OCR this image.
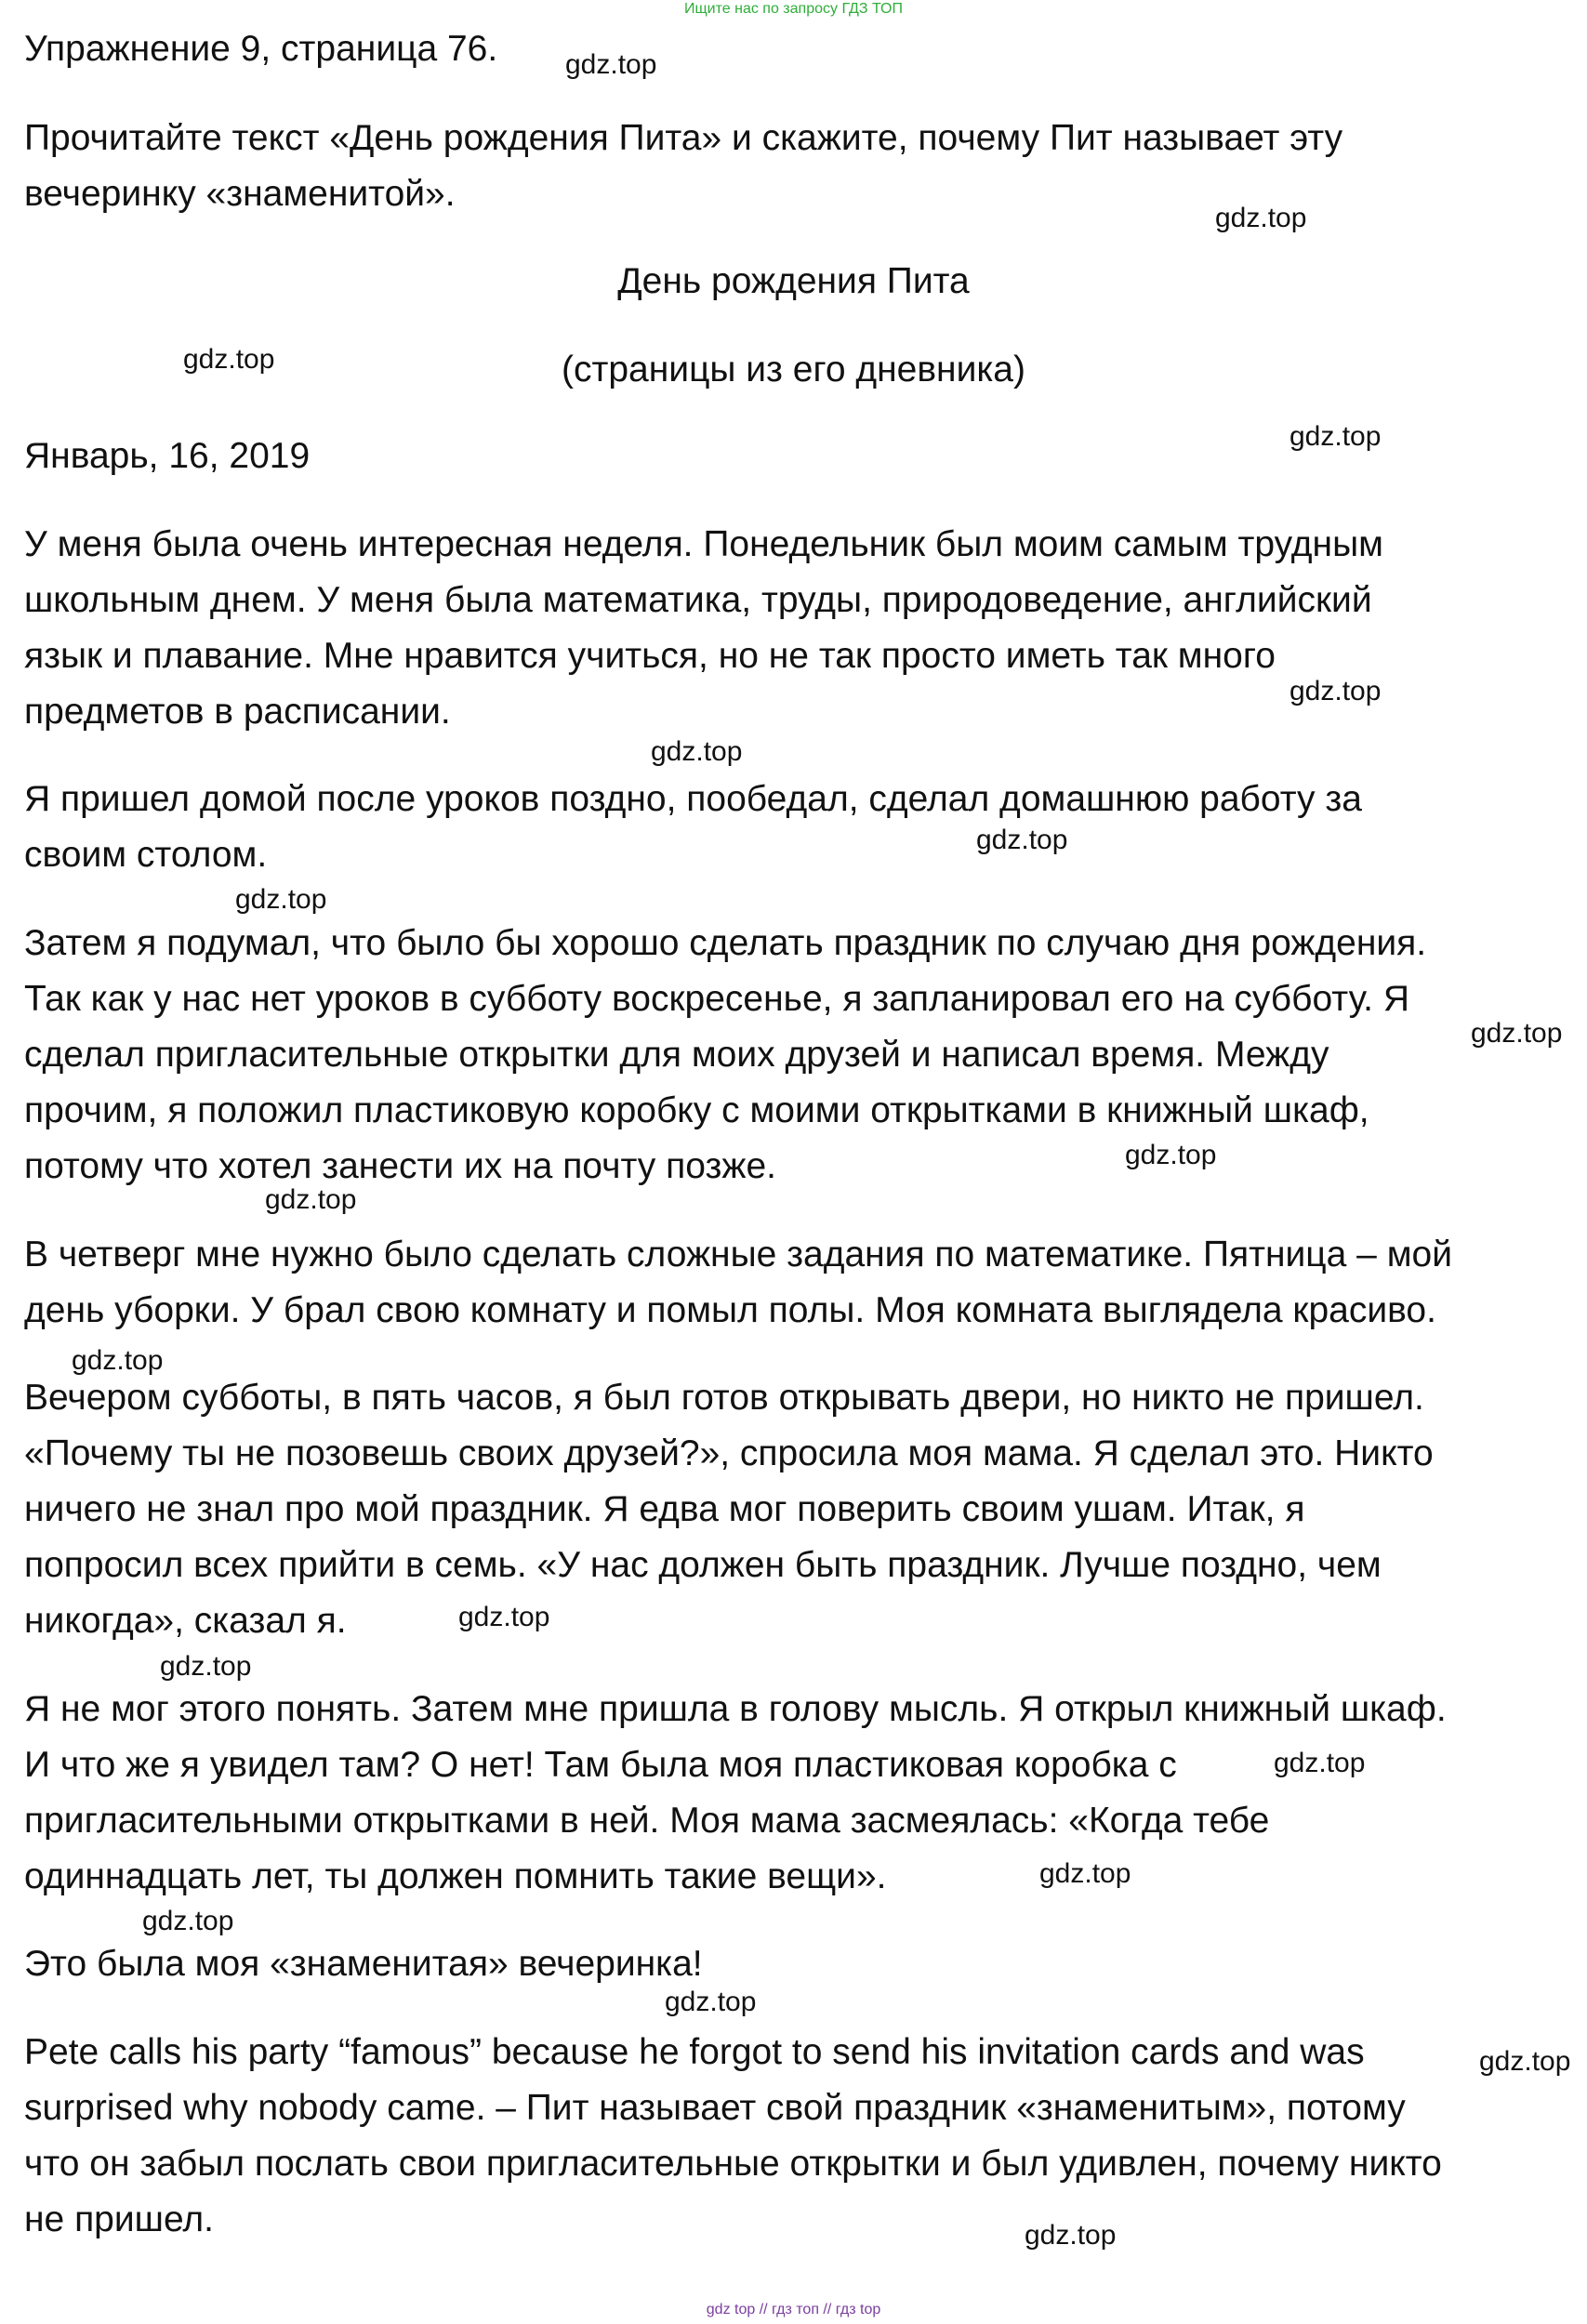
Ищите нас по запросу ГДЗ ТОП
Упражнение 9, страница 76.
Прочитайте текст «День рождения Пита» и скажите, почему Пит называет эту
вечеринку «знаменитой».
День рождения Пита
(страницы из его дневника)
Январь, 16, 2019
У меня была очень интересная неделя. Понедельник был моим самым трудным
школьным днем. У меня была математика, труды, природоведение, английский
язык и плавание. Мне нравится учиться, но не так просто иметь так много
предметов в расписании.
Я пришел домой после уроков поздно, пообедал, сделал домашнюю работу за
своим столом.
Затем я подумал, что было бы хорошо сделать праздник по случаю дня рождения.
Так как у нас нет уроков в субботу воскресенье, я запланировал его на субботу. Я
сделал пригласительные открытки для моих друзей и написал время. Между
прочим, я положил пластиковую коробку с моими открытками в книжный шкаф,
потому что хотел занести их на почту позже.
В четверг мне нужно было сделать сложные задания по математике. Пятница – мой
день уборки. У брал свою комнату и помыл полы. Моя комната выглядела красиво.
Вечером субботы, в пять часов, я был готов открывать двери, но никто не пришел.
«Почему ты не позовешь своих друзей?», спросила моя мама. Я сделал это. Никто
ничего не знал про мой праздник. Я едва мог поверить своим ушам. Итак, я
попросил всех прийти в семь. «У нас должен быть праздник. Лучше поздно, чем
никогда», сказал я.
Я не мог этого понять. Затем мне пришла в голову мысль. Я открыл книжный шкаф.
И что же я увидел там? О нет! Там была моя пластиковая коробка с
пригласительными открытками в ней. Моя мама засмеялась: «Когда тебе
одиннадцать лет, ты должен помнить такие вещи».
Это была моя «знаменитая» вечеринка!
Pete calls his party “famous” because he forgot to send his invitation cards and was
surprised why nobody came. – Пит называет свой праздник «знаменитым», потому
что он забыл послать свои пригласительные открытки и был удивлен, почему никто
не пришел.
gdz.top
gdz.top
gdz.top
gdz.top
gdz.top
gdz.top
gdz.top
gdz.top
gdz.top
gdz.top
gdz.top
gdz.top
gdz.top
gdz.top
gdz.top
gdz.top
gdz.top
gdz.top
gdz.top
gdz.top
gdz top // гдз топ // гдз top
